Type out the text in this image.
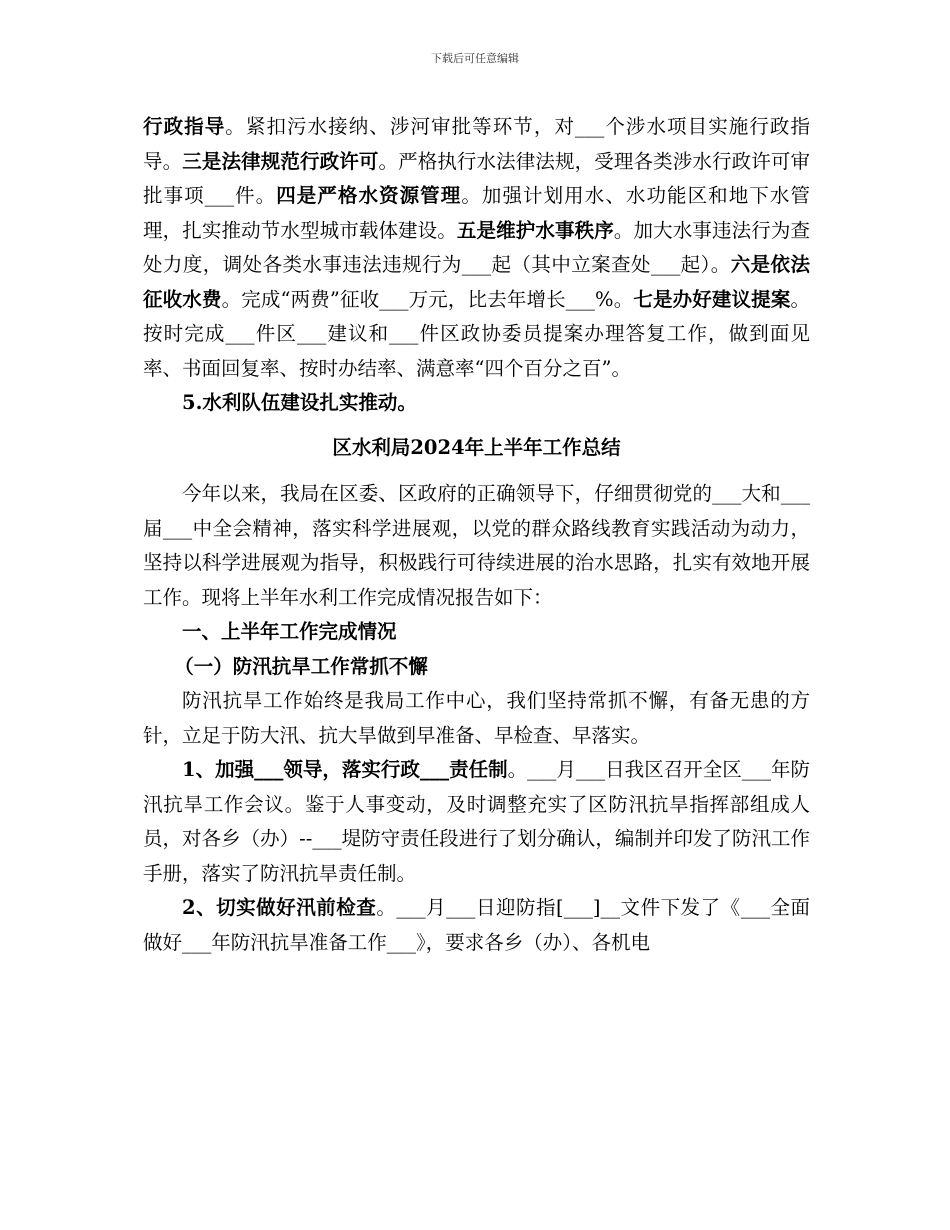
下载后可任意编辑

行政指导。紧扣污水接纳、涉河审批等环节，对___个涉水项目实施行政指导。三是法律规范行政许可。严格执行水法律法规，受理各类涉水行政许可审批事项___件。四是严格水资源管理。加强计划用水、水功能区和地下水管理，扎实推动节水型城市载体建设。五是维护水事秩序。加大水事违法行为查处力度，调处各类水事违法违规行为___起（其中立案查处___起）。六是依法征收水费。完成“两费”征收___万元，比去年增长___%。七是办好建议提案。按时完成___件区___建议和___件区政协委员提案办理答复工作，做到面见率、书面回复率、按时办结率、满意率“四个百分之百”。

5.水利队伍建设扎实推动。

区水利局2024年上半年工作总结

今年以来，我局在区委、区政府的正确领导下，仔细贯彻党的___大和___届___中全会精神，落实科学进展观，以党的群众路线教育实践活动为动力，坚持以科学进展观为指导，积极践行可待续进展的治水思路，扎实有效地开展工作。现将上半年水利工作完成情况报告如下：

一、上半年工作完成情况

（一）防汛抗旱工作常抓不懈

防汛抗旱工作始终是我局工作中心，我们坚持常抓不懈，有备无患的方针，立足于防大汛、抗大旱做到早准备、早检查、早落实。

1、加强___领导，落实行政___责任制。___月___日我区召开全区___年防汛抗旱工作会议。鉴于人事变动，及时调整充实了区防汛抗旱指挥部组成人员，对各乡（办）--___堤防守责任段进行了划分确认，编制并印发了防汛工作手册，落实了防汛抗旱责任制。

2、切实做好汛前检查。___月___日迎防指[___]__文件下发了《___全面做好___年防汛抗旱准备工作___》，要求各乡（办）、各机电
